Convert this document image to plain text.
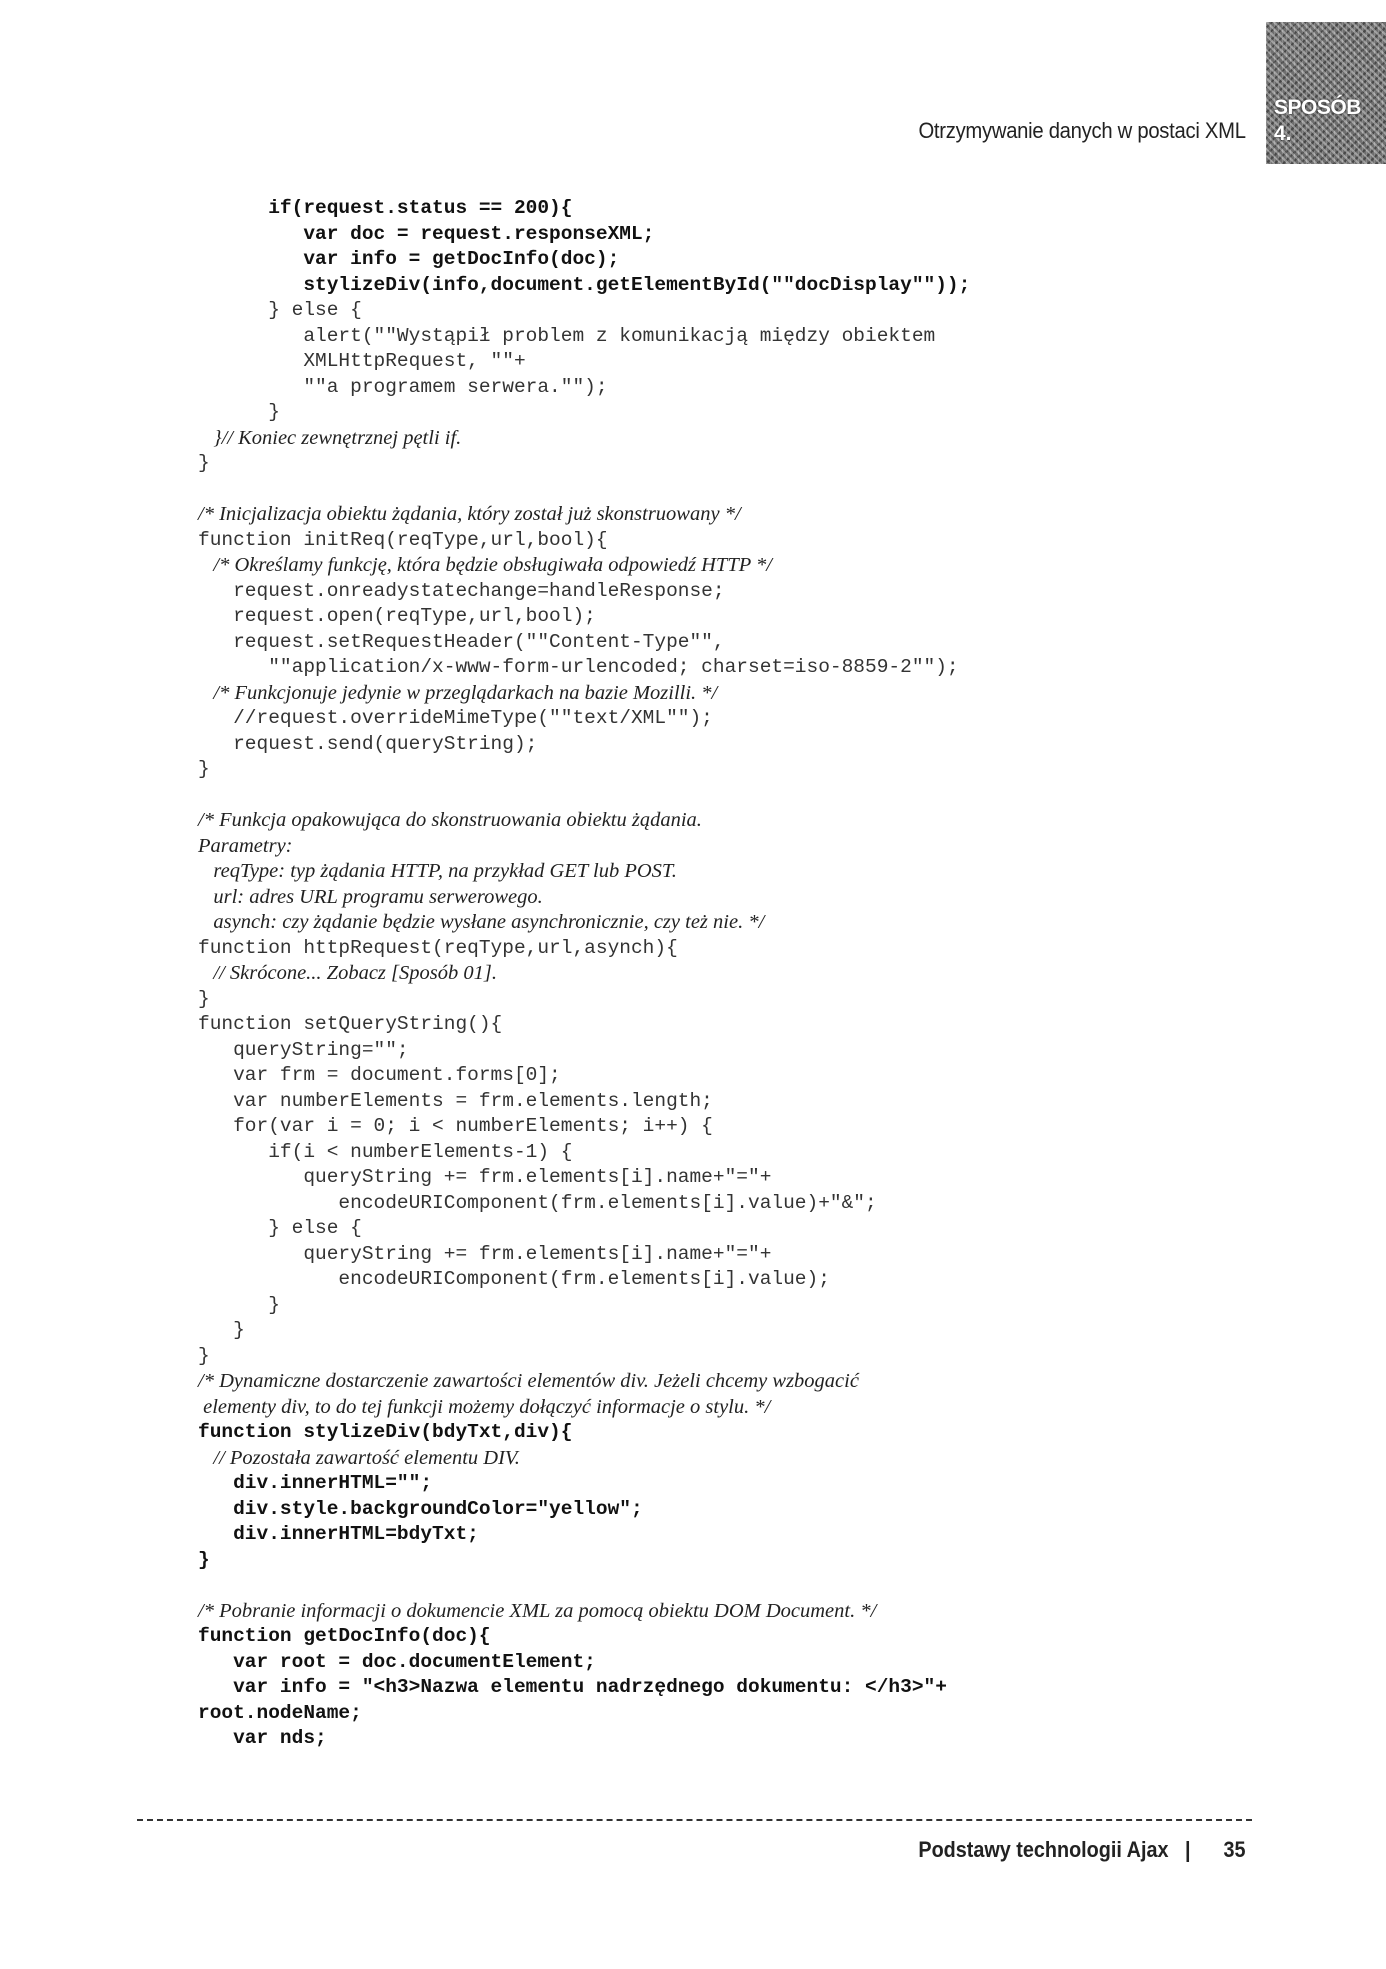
SPOSÓB
4.
Otrzymywanie danych w postaci XML
if(request.status == 200){
var doc = request.responseXML;
var info = getDocInfo(doc);
stylizeDiv(info,document.getElementById(""docDisplay""));
} else {
alert(""Wystąpił problem z komunikacją między obiektem
XMLHttpRequest, ""+
""a programem serwera."");
}
}// Koniec zewnętrznej pętli if.
}
/* Inicjalizacja obiektu żądania, który został już skonstruowany */
function initReq(reqType,url,bool){
/* Określamy funkcję, która będzie obsługiwała odpowiedź HTTP */
request.onreadystatechange=handleResponse;
request.open(reqType,url,bool);
request.setRequestHeader(""Content-Type"",
""application/x-www-form-urlencoded; charset=iso-8859-2"");
/* Funkcjonuje jedynie w przeglądarkach na bazie Mozilli. */
//request.overrideMimeType(""text/XML"");
request.send(queryString);
}
/* Funkcja opakowująca do skonstruowania obiektu żądania.
Parametry:
reqType: typ żądania HTTP, na przykład GET lub POST.
url: adres URL programu serwerowego.
asynch: czy żądanie będzie wysłane asynchronicznie, czy też nie. */
function httpRequest(reqType,url,asynch){
// Skrócone... Zobacz [Sposób 01].
}
function setQueryString(){
queryString="";
var frm = document.forms[0];
var numberElements = frm.elements.length;
for(var i = 0; i < numberElements; i++) {
if(i < numberElements-1) {
queryString += frm.elements[i].name+"="+
encodeURIComponent(frm.elements[i].value)+"&";
} else {
queryString += frm.elements[i].name+"="+
encodeURIComponent(frm.elements[i].value);
}
}
}
/* Dynamiczne dostarczenie zawartości elementów div. Jeżeli chcemy wzbogacić
elementy div, to do tej funkcji możemy dołączyć informacje o stylu. */
function stylizeDiv(bdyTxt,div){
// Pozostała zawartość elementu DIV.
div.innerHTML="";
div.style.backgroundColor="yellow";
div.innerHTML=bdyTxt;
}
/* Pobranie informacji o dokumencie XML za pomocą obiektu DOM Document. */
function getDocInfo(doc){
var root = doc.documentElement;
var info = "<h3>Nazwa elementu nadrzędnego dokumentu: </h3>"+
root.nodeName;
var nds;
Podstawy technologii Ajax | 35
